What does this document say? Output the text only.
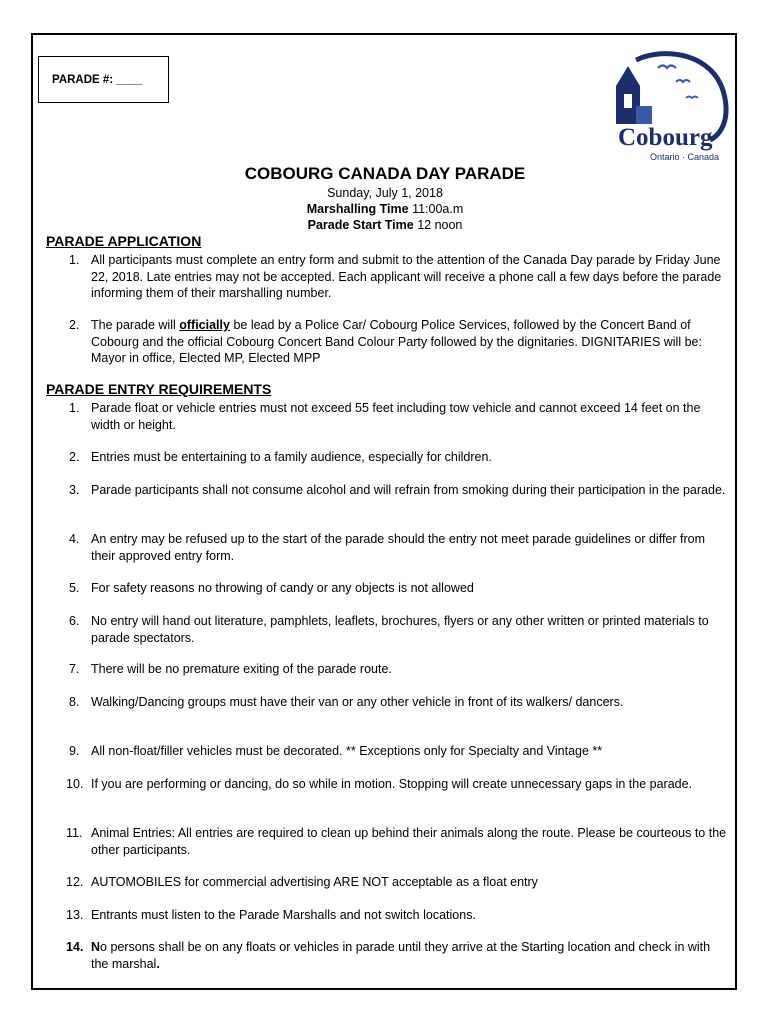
PARADE #: ____
Cobourg
Ontario · Canada
COBOURG CANADA DAY PARADE
Sunday, July 1, 2018
Marshalling Time 11:00a.m
Parade Start Time 12 noon
PARADE APPLICATION
1. All participants must complete an entry form and submit to the attention of the Canada Day parade by Friday June 22, 2018. Late entries may not be accepted. Each applicant will receive a phone call a few days before the parade informing them of their marshalling number.
2. The parade will officially be lead by a Police Car/ Cobourg Police Services, followed by the Concert Band of Cobourg and the official Cobourg Concert Band Colour Party followed by the dignitaries. DIGNITARIES will be: Mayor in office, Elected MP, Elected MPP
PARADE ENTRY REQUIREMENTS
1. Parade float or vehicle entries must not exceed 55 feet including tow vehicle and cannot exceed 14 feet on the width or height.
2. Entries must be entertaining to a family audience, especially for children.
3. Parade participants shall not consume alcohol and will refrain from smoking during their participation in the parade.
4. An entry may be refused up to the start of the parade should the entry not meet parade guidelines or differ from their approved entry form.
5. For safety reasons no throwing of candy or any objects is not allowed
6. No entry will hand out literature, pamphlets, leaflets, brochures, flyers or any other written or printed materials to parade spectators.
7. There will be no premature exiting of the parade route.
8. Walking/Dancing groups must have their van or any other vehicle in front of its walkers/ dancers.
9. All non-float/filler vehicles must be decorated. ** Exceptions only for Specialty and Vintage **
10. If you are performing or dancing, do so while in motion. Stopping will create unnecessary gaps in the parade.
11. Animal Entries: All entries are required to clean up behind their animals along the route. Please be courteous to the other participants.
12. AUTOMOBILES for commercial advertising ARE NOT acceptable as a float entry
13. Entrants must listen to the Parade Marshalls and not switch locations.
14. No persons shall be on any floats or vehicles in parade until they arrive at the Starting location and check in with the marshal.
